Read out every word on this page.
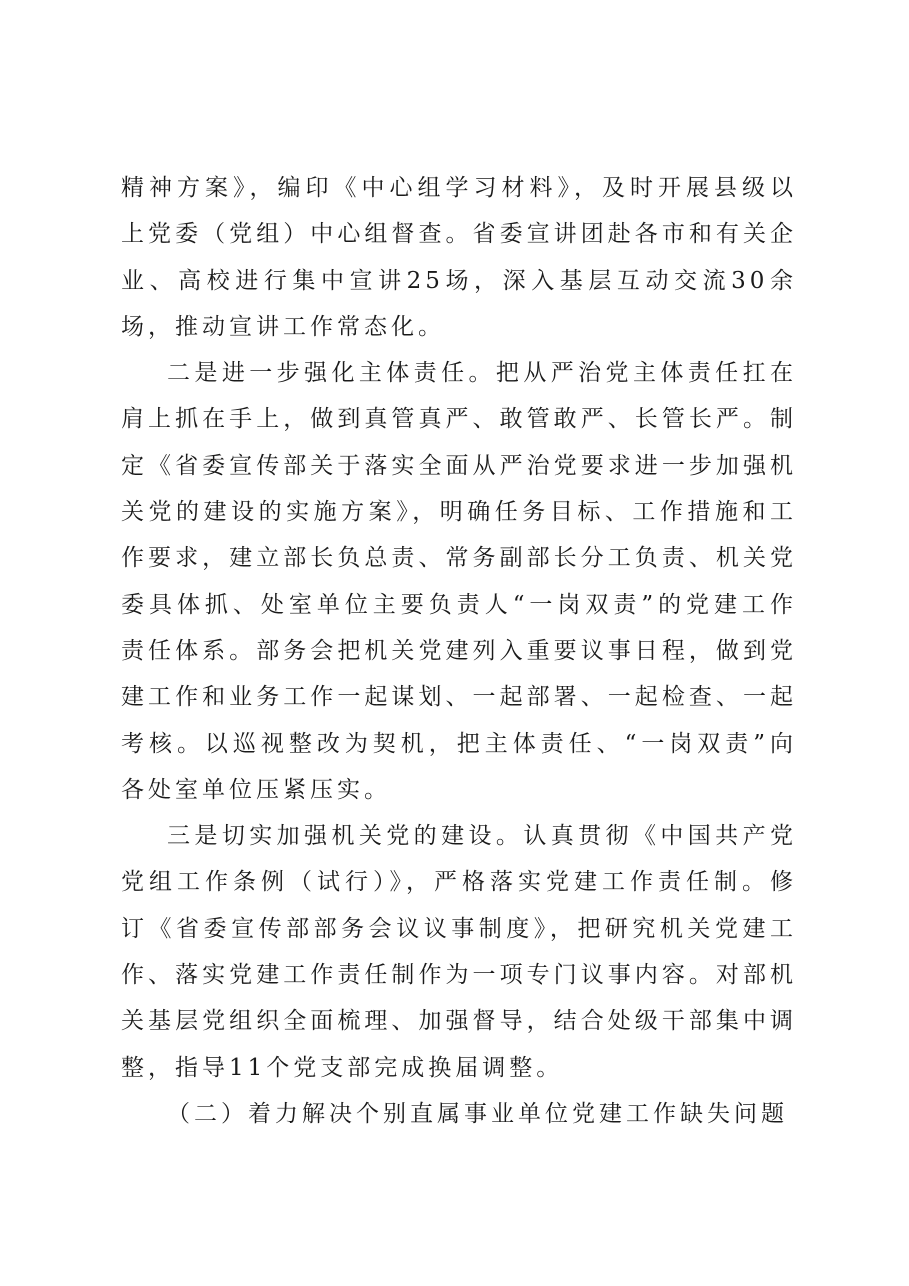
精神方案》，编印《中心组学习材料》，及时开展县级以上党委（党组）中心组督查。省委宣讲团赴各市和有关企业、高校进行集中宣讲25场，深入基层互动交流30余场，推动宣讲工作常态化。

二是进一步强化主体责任。把从严治党主体责任扛在肩上抓在手上，做到真管真严、敢管敢严、长管长严。制定《省委宣传部关于落实全面从严治党要求进一步加强机关党的建设的实施方案》，明确任务目标、工作措施和工作要求，建立部长负总责、常务副部长分工负责、机关党委具体抓、处室单位主要负责人“一岗双责”的党建工作责任体系。部务会把机关党建列入重要议事日程，做到党建工作和业务工作一起谋划、一起部署、一起检查、一起考核。以巡视整改为契机，把主体责任、“一岗双责”向各处室单位压紧压实。

三是切实加强机关党的建设。认真贯彻《中国共产党党组工作条例（试行）》，严格落实党建工作责任制。修订《省委宣传部部务会议议事制度》，把研究机关党建工作、落实党建工作责任制作为一项专门议事内容。对部机关基层党组织全面梳理、加强督导，结合处级干部集中调整，指导11个党支部完成换届调整。

（二）着力解决个别直属事业单位党建工作缺失问题
